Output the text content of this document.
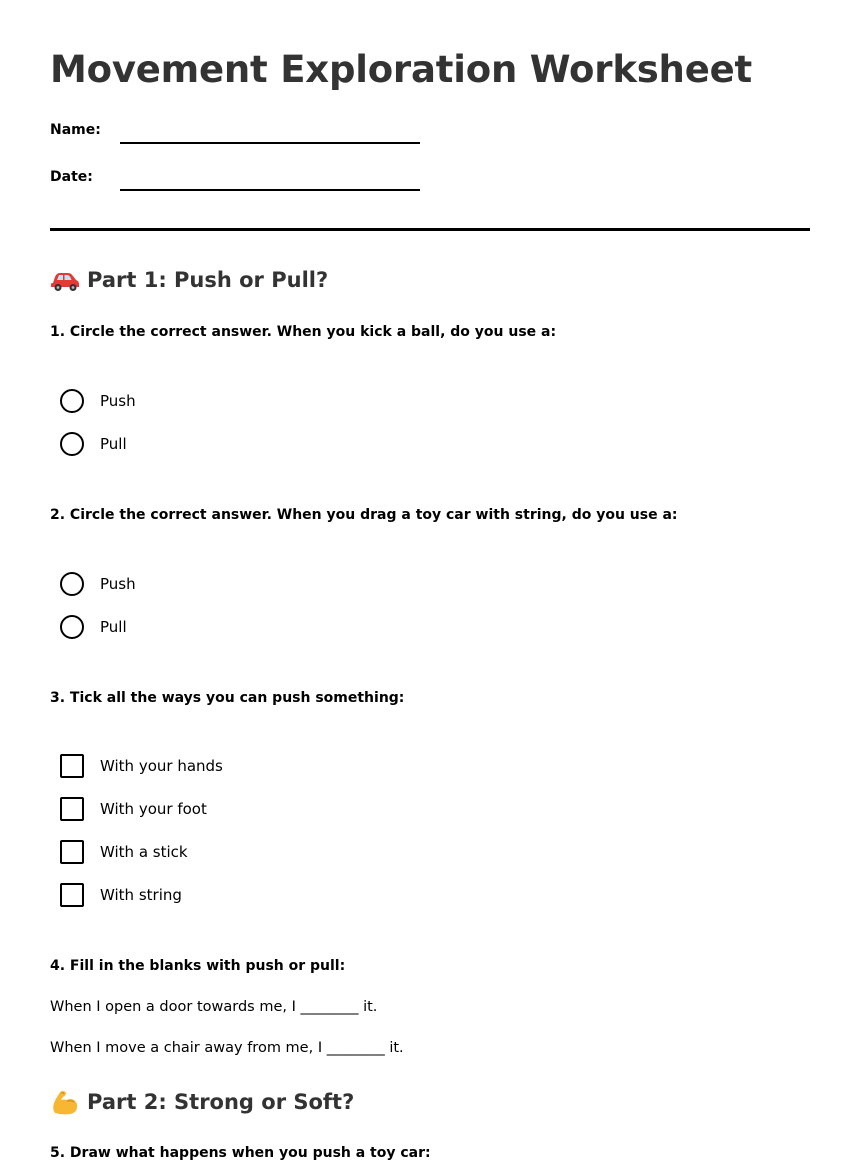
Movement Exploration Worksheet
Name:
Date:
Part 1: Push or Pull?
1. Circle the correct answer. When you kick a ball, do you use a:
Push
Pull
2. Circle the correct answer. When you drag a toy car with string, do you use a:
Push
Pull
3. Tick all the ways you can push something:
With your hands
With your foot
With a stick
With string
4. Fill in the blanks with push or pull:
When I open a door towards me, I ________ it.
When I move a chair away from me, I ________ it.
Part 2: Strong or Soft?
5. Draw what happens when you push a toy car:
